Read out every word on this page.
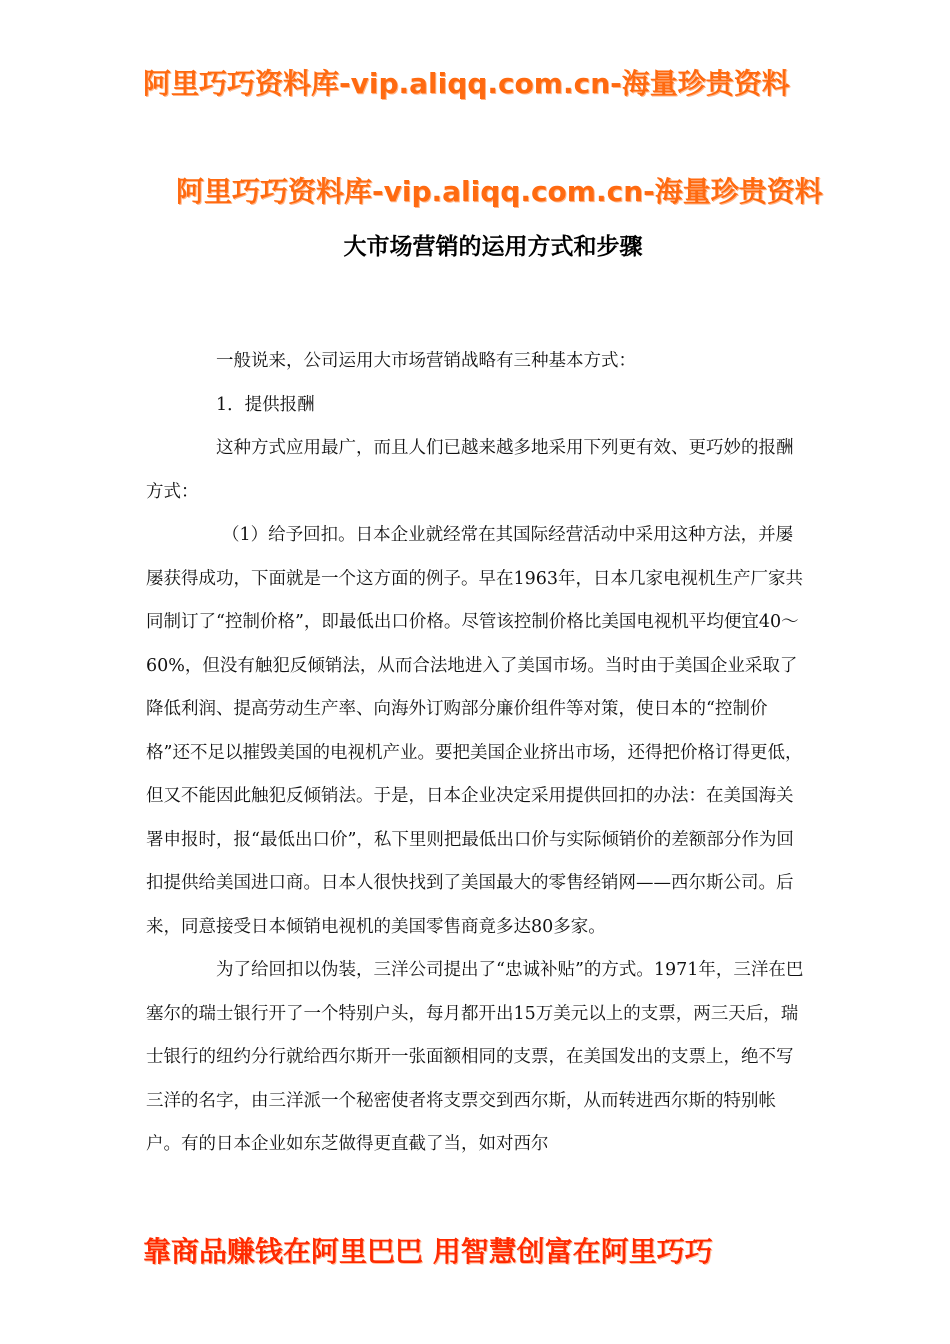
阿里巧巧资料库-vip.aliqq.com.cn-海量珍贵资料
阿里巧巧资料库-vip.aliqq.com.cn-海量珍贵资料
大市场营销的运用方式和步骤

一般说来，公司运用大市场营销战略有三种基本方式：

1．提供报酬

这种方式应用最广，而且人们已越来越多地采用下列更有效、更巧妙的报酬方式：

（1）给予回扣。日本企业就经常在其国际经营活动中采用这种方法，并屡屡获得成功，下面就是一个这方面的例子。早在1963年，日本几家电视机生产厂家共同制订了“控制价格”，即最低出口价格。尽管该控制价格比美国电视机平均便宜40～60%，但没有触犯反倾销法，从而合法地进入了美国市场。当时由于美国企业采取了降低利润、提高劳动生产率、向海外订购部分廉价组件等对策，使日本的“控制价格”还不足以摧毁美国的电视机产业。要把美国企业挤出市场，还得把价格订得更低，但又不能因此触犯反倾销法。于是，日本企业决定采用提供回扣的办法：在美国海关署申报时，报“最低出口价”，私下里则把最低出口价与实际倾销价的差额部分作为回扣提供给美国进口商。日本人很快找到了美国最大的零售经销网——西尔斯公司。后来，同意接受日本倾销电视机的美国零售商竟多达80多家。

为了给回扣以伪装，三洋公司提出了“忠诚补贴”的方式。1971年，三洋在巴塞尔的瑞士银行开了一个特别户头，每月都开出15万美元以上的支票，两三天后，瑞士银行的纽约分行就给西尔斯开一张面额相同的支票，在美国发出的支票上，绝不写三洋的名字，由三洋派一个秘密使者将支票交到西尔斯，从而转进西尔斯的特别帐户。有的日本企业如东芝做得更直截了当，如对西尔

靠商品赚钱在阿里巴巴 用智慧创富在阿里巧巧
